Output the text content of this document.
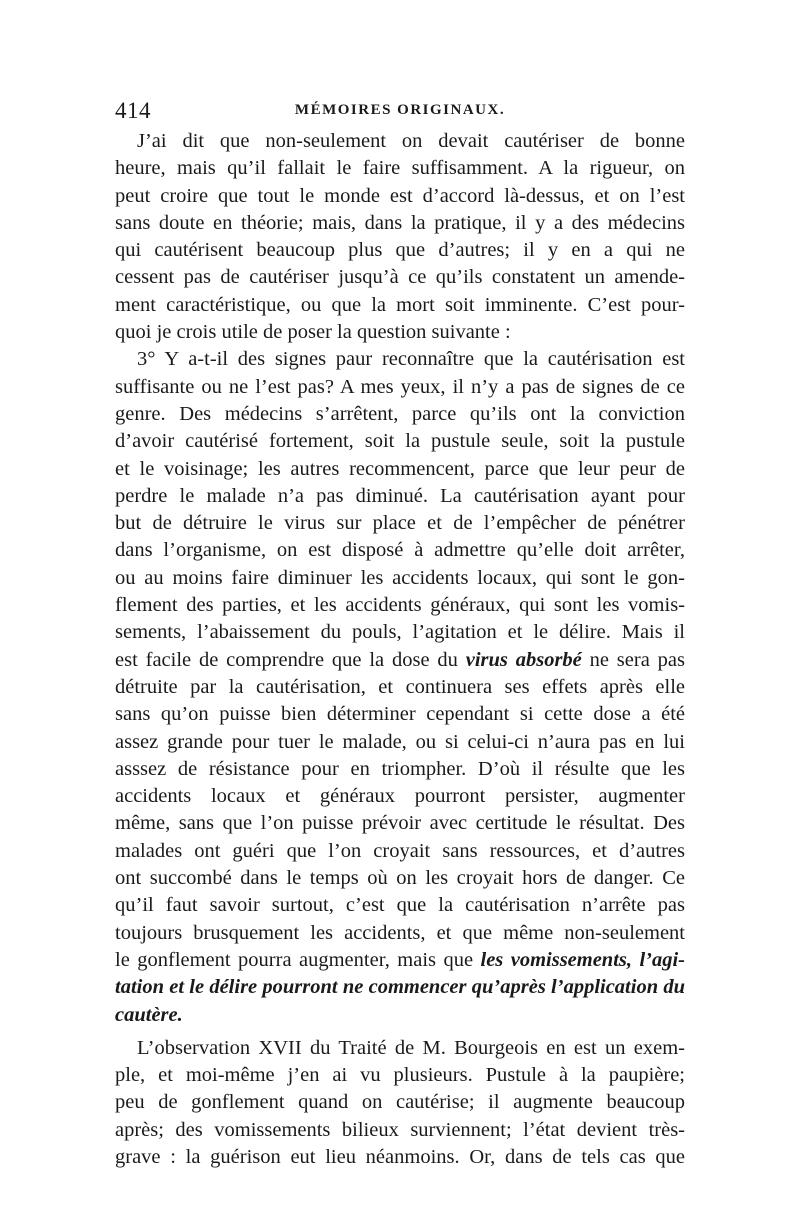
414	MÉMOIRES ORIGINAUX.
J’ai dit que non-seulement on devait cautériser de bonne
heure, mais qu’il fallait le faire suffisamment. A la rigueur, on
peut croire que tout le monde est d’accord là-dessus, et on l’est
sans doute en théorie; mais, dans la pratique, il y a des médecins
qui cautérisent beaucoup plus que d’autres; il y en a qui ne
cessent pas de cautériser jusqu’à ce qu’ils constatent un amende-
ment caractéristique, ou que la mort soit imminente. C’est pour-
quoi je crois utile de poser la question suivante :
3° Y a-t-il des signes paur reconnaître que la cautérisation est
suffisante ou ne l’est pas? A mes yeux, il n’y a pas de signes de ce
genre. Des médecins s’arrêtent, parce qu’ils ont la conviction
d’avoir cautérisé fortement, soit la pustule seule, soit la pustule
et le voisinage; les autres recommencent, parce que leur peur de
perdre le malade n’a pas diminué. La cautérisation ayant pour
but de détruire le virus sur place et de l’empêcher de pénétrer
dans l’organisme, on est disposé à admettre qu’elle doit arrêter,
ou au moins faire diminuer les accidents locaux, qui sont le gon-
flement des parties, et les accidents généraux, qui sont les vomis-
sements, l’abaissement du pouls, l’agitation et le délire. Mais il
est facile de comprendre que la dose du virus absorbé ne sera pas
détruite par la cautérisation, et continuera ses effets après elle
sans qu’on puisse bien déterminer cependant si cette dose a été
assez grande pour tuer le malade, ou si celui-ci n’aura pas en lui
asssez de résistance pour en triompher. D’où il résulte que les
accidents locaux et généraux pourront persister, augmenter
même, sans que l’on puisse prévoir avec certitude le résultat. Des
malades ont guéri que l’on croyait sans ressources, et d’autres
ont succombé dans le temps où on les croyait hors de danger. Ce
qu’il faut savoir surtout, c’est que la cautérisation n’arrête pas
toujours brusquement les accidents, et que même non-seulement
le gonflement pourra augmenter, mais que les vomissements, l’agi-
tation et le délire pourront ne commencer qu’après l’application du
cautère.
L’observation XVII du Traité de M. Bourgeois en est un exem-
ple, et moi-même j’en ai vu plusieurs. Pustule à la paupière;
peu de gonflement quand on cautérise; il augmente beaucoup
après; des vomissements bilieux surviennent; l’état devient très-
grave : la guérison eut lieu néanmoins. Or, dans de tels cas que
